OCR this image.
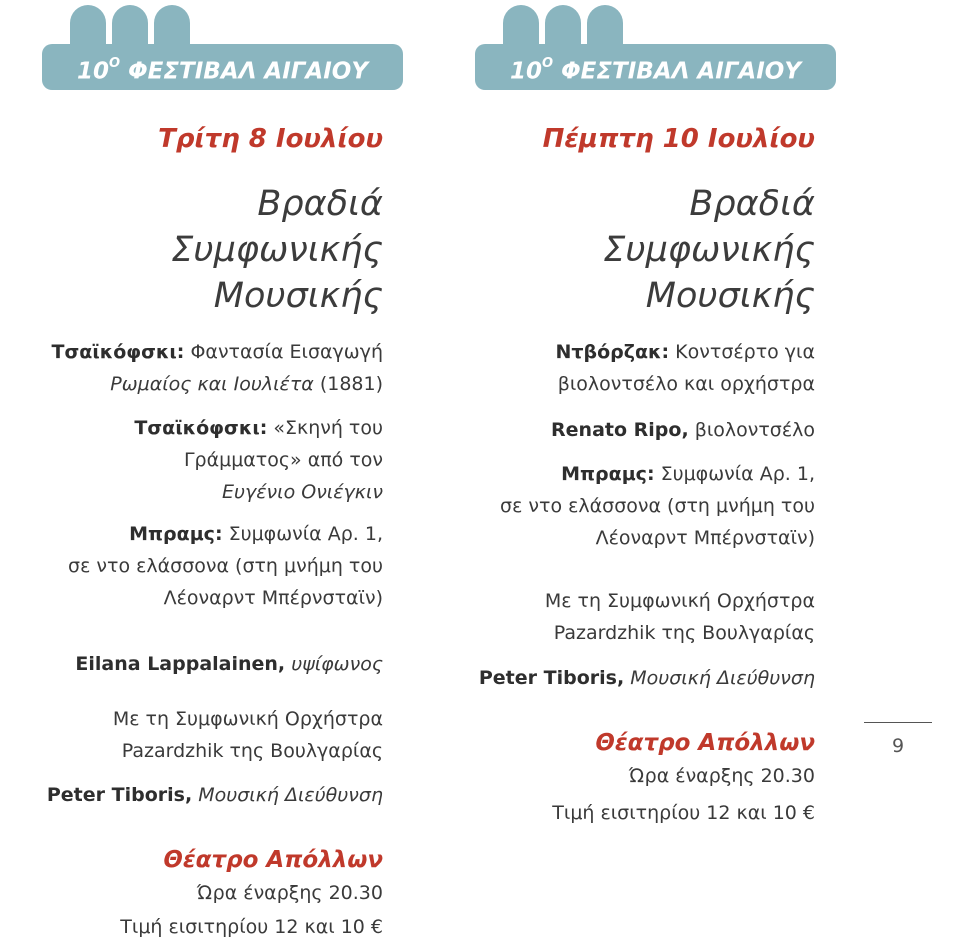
$10^O$ ΦΕΣΤΙΒΑΛ ΑΙΓΑΙΟΥ
Τρίτη 8 Ιουλίου
Βραδιά
Συμφωνικής
Μουσικής
Τσαϊκόφσκι: Φαντασία Εισαγωγή
Ρωμαίος και Ιουλιέτα (1881)
Τσαϊκόφσκι: «Σκηνή του
Γράμματος» από τον
Ευγένιο Ονιέγκιν
Μπραμς: Συμφωνία Αρ. 1,
σε ντο ελάσσονα (στη μνήμη του
Λέοναρντ Μπέρνσταϊν)
Eilana Lappalainen, υψίφωνος
Με τη Συμφωνική Ορχήστρα
Pazardzhik της Βουλγαρίας
Peter Tiboris, Μουσική Διεύθυνση
Θέατρο Απόλλων
Ώρα έναρξης 20.30
Τιμή εισιτηρίου 12 και 10 €
$10^O$ ΦΕΣΤΙΒΑΛ ΑΙΓΑΙΟΥ
Πέμπτη 10 Ιουλίου
Βραδιά
Συμφωνικής
Μουσικής
Ντβόρζακ: Κοντσέρτο για
βιολοντσέλο και ορχήστρα
Renato Ripo, βιολοντσέλο
Μπραμς: Συμφωνία Αρ. 1,
σε ντο ελάσσονα (στη μνήμη του
Λέοναρντ Μπέρνσταϊν)
Με τη Συμφωνική Ορχήστρα
Pazardzhik της Βουλγαρίας
Peter Tiboris, Μουσική Διεύθυνση
Θέατρο Απόλλων
Ώρα έναρξης 20.30
Τιμή εισιτηρίου 12 και 10 €
9
